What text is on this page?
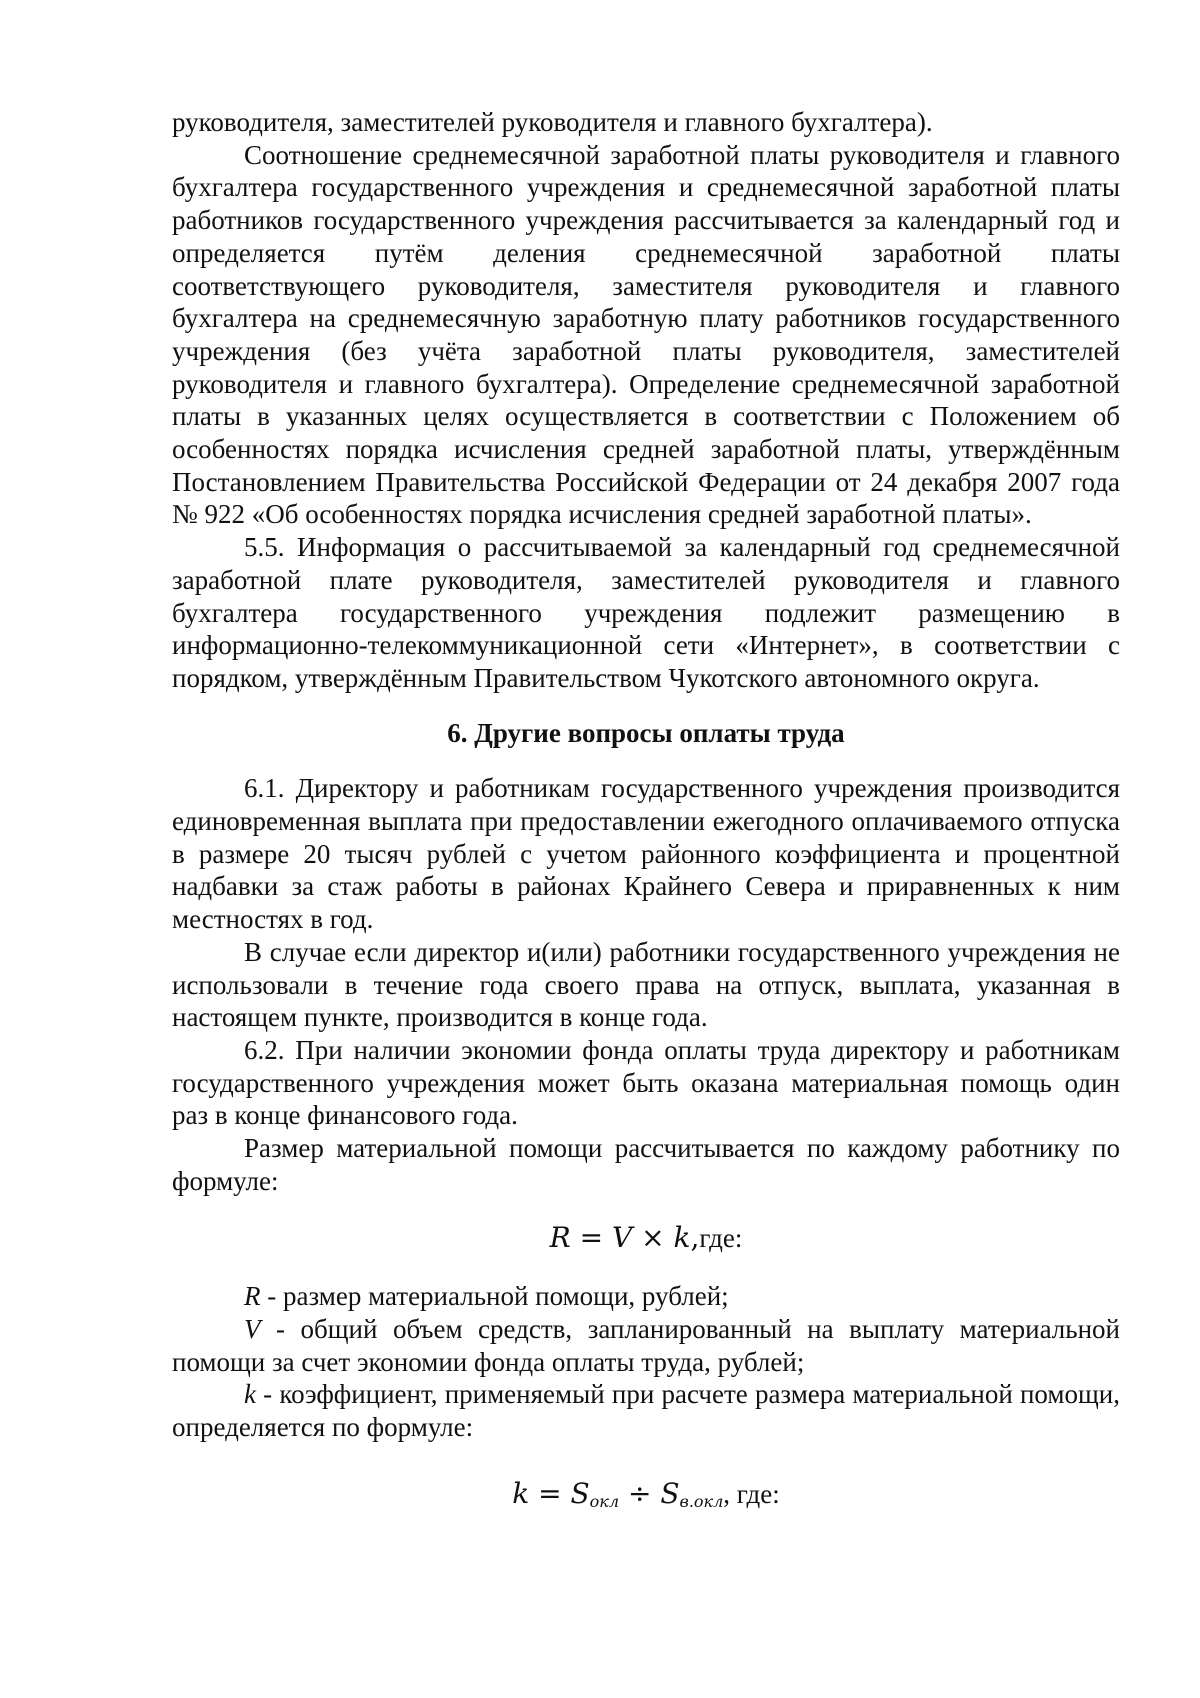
руководителя, заместителей руководителя и главного бухгалтера).

Соотношение среднемесячной заработной платы руководителя и главного бухгалтера государственного учреждения и среднемесячной заработной платы работников государственного учреждения рассчитывается за календарный год и определяется путём деления среднемесячной заработной платы соответствующего руководителя, заместителя руководителя и главного бухгалтера на среднемесячную заработную плату работников государственного учреждения (без учёта заработной платы руководителя, заместителей руководителя и главного бухгалтера). Определение среднемесячной заработной платы в указанных целях осуществляется в соответствии с Положением об особенностях порядка исчисления средней заработной платы, утверждённым Постановлением Правительства Российской Федерации от 24 декабря 2007 года № 922 «Об особенностях порядка исчисления средней заработной платы».

5.5. Информация о рассчитываемой за календарный год среднемесячной заработной плате руководителя, заместителей руководителя и главного бухгалтера государственного учреждения подлежит размещению в информационно-телекоммуникационной сети «Интернет», в соответствии с порядком, утверждённым Правительством Чукотского автономного округа.

6. Другие вопросы оплаты труда

6.1. Директору и работникам государственного учреждения производится единовременная выплата при предоставлении ежегодного оплачиваемого отпуска в размере 20 тысяч рублей с учетом районного коэффициента и процентной надбавки за стаж работы в районах Крайнего Севера и приравненных к ним местностях в год.

В случае если директор и(или) работники государственного учреждения не использовали в течение года своего права на отпуск, выплата, указанная в настоящем пункте, производится в конце года.

6.2. При наличии экономии фонда оплаты труда директору и работникам государственного учреждения может быть оказана материальная помощь один раз в конце финансового года.

Размер материальной помощи рассчитывается по каждому работнику по формуле:

R = V × k,где:

R - размер материальной помощи, рублей;

V - общий объем средств, запланированный на выплату материальной помощи за счет экономии фонда оплаты труда, рублей;

k - коэффициент, применяемый при расчете размера материальной помощи, определяется по формуле:

$k = S_{окл} \div S_{в.окл}$, где:
